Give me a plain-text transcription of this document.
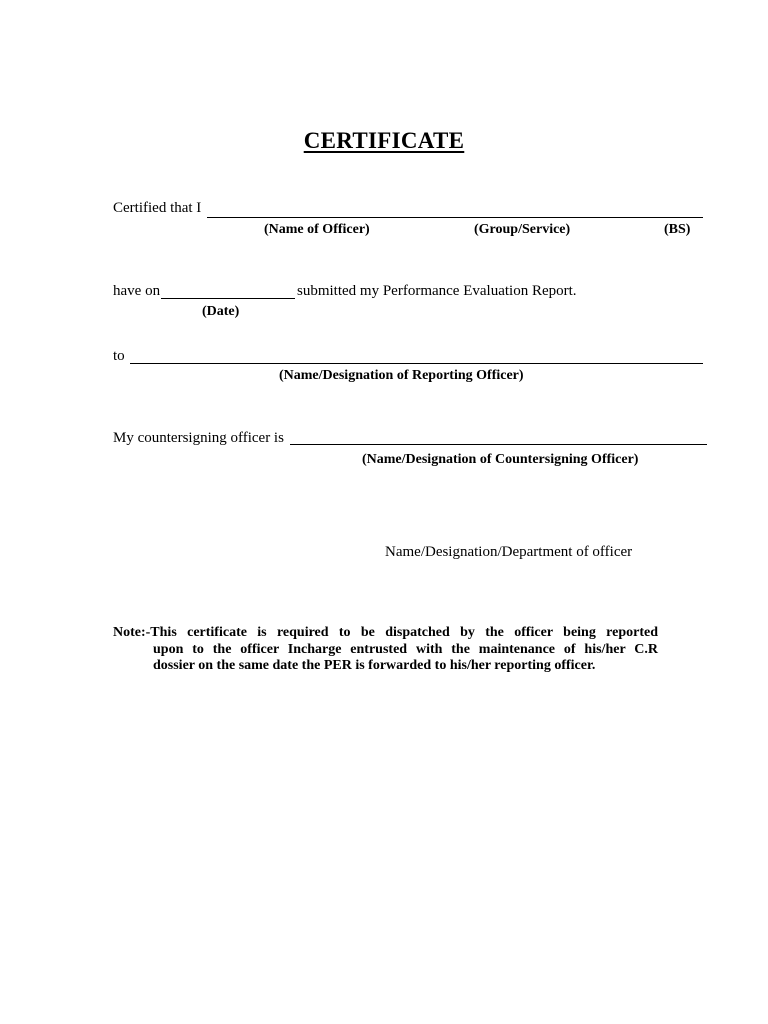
CERTIFICATE
Certified that I
(Name of Officer)	(Group/Service)	(BS)
have on	submitted my Performance Evaluation Report.
(Date)
to
(Name/Designation of Reporting Officer)
My countersigning officer is
(Name/Designation of Countersigning Officer)
Name/Designation/Department of officer
Note:-This certificate is required to be dispatched by the officer being reported
upon to the officer Incharge entrusted with the maintenance of his/her C.R
dossier on the same date the PER is forwarded to his/her reporting officer.
